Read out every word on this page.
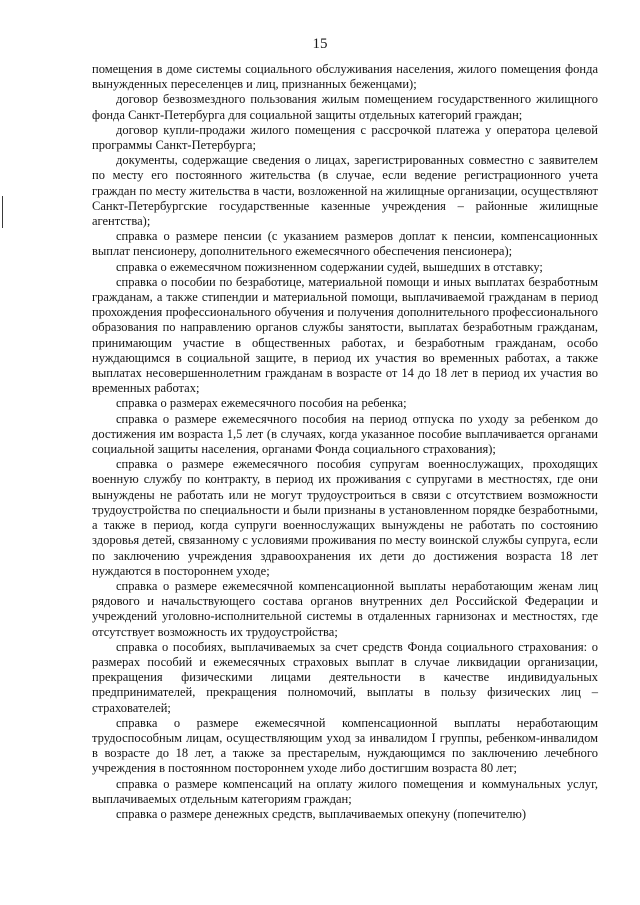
15

помещения в доме системы социального обслуживания населения, жилого помещения фонда вынужденных переселенцев и лиц, признанных беженцами);

договор безвозмездного пользования жилым помещением государственного жилищного фонда Санкт-Петербурга для социальной защиты отдельных категорий граждан;

договор купли-продажи жилого помещения с рассрочкой платежа у оператора целевой программы Санкт-Петербурга;

документы, содержащие сведения о лицах, зарегистрированных совместно с заявителем по месту его постоянного жительства (в случае, если ведение регистрационного учета граждан по месту жительства в части, возложенной на жилищные организации, осуществляют Санкт-Петербургские государственные казенные учреждения – районные жилищные агентства);

справка о размере пенсии (с указанием размеров доплат к пенсии, компенсационных выплат пенсионеру, дополнительного ежемесячного обеспечения пенсионера);

справка о ежемесячном пожизненном содержании судей, вышедших в отставку;

справка о пособии по безработице, материальной помощи и иных выплатах безработным гражданам, а также стипендии и материальной помощи, выплачиваемой гражданам в период прохождения профессионального обучения и получения дополнительного профессионального образования по направлению органов службы занятости, выплатах безработным гражданам, принимающим участие в общественных работах, и безработным гражданам, особо нуждающимся в социальной защите, в период их участия во временных работах, а также выплатах несовершеннолетним гражданам в возрасте от 14 до 18 лет в период их участия во временных работах;

справка о размерах ежемесячного пособия на ребенка;

справка о размере ежемесячного пособия на период отпуска по уходу за ребенком до достижения им возраста 1,5 лет (в случаях, когда указанное пособие выплачивается органами социальной защиты населения, органами Фонда социального страхования);

справка о размере ежемесячного пособия супругам военнослужащих, проходящих военную службу по контракту, в период их проживания с супругами в местностях, где они вынуждены не работать или не могут трудоустроиться в связи с отсутствием возможности трудоустройства по специальности и были признаны в установленном порядке безработными, а также в период, когда супруги военнослужащих вынуждены не работать по состоянию здоровья детей, связанному с условиями проживания по месту воинской службы супруга, если по заключению учреждения здравоохранения их дети до достижения возраста 18 лет нуждаются в постороннем уходе;

справка о размере ежемесячной компенсационной выплаты неработающим женам лиц рядового и начальствующего состава органов внутренних дел Российской Федерации и учреждений уголовно-исполнительной системы в отдаленных гарнизонах и местностях, где отсутствует возможность их трудоустройства;

справка о пособиях, выплачиваемых за счет средств Фонда социального страхования: о размерах пособий и ежемесячных страховых выплат в случае ликвидации организации, прекращения физическими лицами деятельности в качестве индивидуальных предпринимателей, прекращения полномочий, выплаты в пользу физических лиц – страхователей;

справка о размере ежемесячной компенсационной выплаты неработающим трудоспособным лицам, осуществляющим уход за инвалидом I группы, ребенком-инвалидом в возрасте до 18 лет, а также за престарелым, нуждающимся по заключению лечебного учреждения в постоянном постороннем уходе либо достигшим возраста 80 лет;

справка о размере компенсаций на оплату жилого помещения и коммунальных услуг, выплачиваемых отдельным категориям граждан;

справка о размере денежных средств, выплачиваемых опекуну (попечителю)
